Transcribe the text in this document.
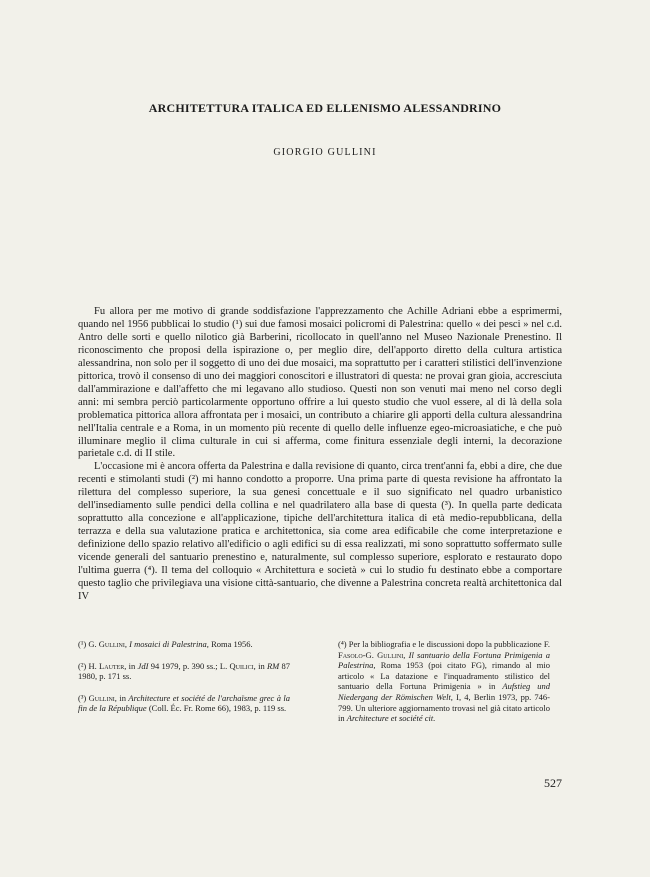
ARCHITETTURA ITALICA ED ELLENISMO ALESSANDRINO
GIORGIO GULLINI

Fu allora per me motivo di grande soddisfazione l'apprezzamento che Achille Adriani ebbe a esprimermi, quando nel 1956 pubblicai lo studio (¹) sui due famosi mosaici policromi di Palestrina: quello « dei pesci » nel c.d. Antro delle sorti e quello nilotico già Barberini, ricollocato in quell'anno nel Museo Nazionale Prenestino. Il riconoscimento che proposi della ispirazione o, per meglio dire, dell'apporto diretto della cultura artistica alessandrina, non solo per il soggetto di uno dei due mosaici, ma soprattutto per i caratteri stilistici dell'invenzione pittorica, trovò il consenso di uno dei maggiori conoscitori e illustratori di questa: ne provai gran gioia, accresciuta dall'ammirazione e dall'affetto che mi legavano allo studioso. Questi non son venuti mai meno nel corso degli anni: mi sembra perciò particolarmente opportuno offrire a lui questo studio che vuol essere, al di là della sola problematica pittorica allora affrontata per i mosaici, un contributo a chiarire gli apporti della cultura alessandrina nell'Italia centrale e a Roma, in un momento più recente di quello delle influenze egeo-microasiatiche, e che può illuminare meglio il clima culturale in cui si afferma, come finitura essenziale degli interni, la decorazione parietale c.d. di II stile.

L'occasione mi è ancora offerta da Palestrina e dalla revisione di quanto, circa trent'anni fa, ebbi a dire, che due recenti e stimolanti studi (²) mi hanno condotto a proporre. Una prima parte di questa revisione ha affrontato la rilettura del complesso superiore, la sua genesi concettuale e il suo significato nel quadro urbanistico dell'insediamento sulle pendici della collina e nel quadrilatero alla base di questa (³). In quella parte dedicata soprattutto alla concezione e all'applicazione, tipiche dell'architettura italica di età medio-repubblicana, della terrazza e della sua valutazione pratica e architettonica, sia come area edificabile che come interpretazione e definizione dello spazio relativo all'edificio o agli edifici su di essa realizzati, mi sono soprattutto soffermato sulle vicende generali del santuario prenestino e, naturalmente, sul complesso superiore, esplorato e restaurato dopo l'ultima guerra (⁴). Il tema del colloquio « Architettura e società » cui lo studio fu destinato ebbe a comportare questo taglio che privilegiava una visione città-santuario, che divenne a Palestrina concreta realtà architettonica dal IV

(¹) G. Gullini, I mosaici di Palestrina, Roma 1956.

(²) H. Lauter, in JdI 94 1979, p. 390 ss.; L. Quilici, in RM 87 1980, p. 171 ss.

(³) Gullini, in Architecture et société de l'archaïsme grec à la fin de la République (Coll. Éc. Fr. Rome 66), 1983, p. 119 ss.

(⁴) Per la bibliografia e le discussioni dopo la pubblicazione F. Fasolo-G. Gullini, Il santuario della Fortuna Primigenia a Palestrina, Roma 1953 (poi citato FG), rimando al mio articolo « La datazione e l'inquadramento stilistico del santuario della Fortuna Primigenia » in Aufstieg und Niedergang der Römischen Welt, I, 4, Berlin 1973, pp. 746-799. Un ulteriore aggiornamento trovasi nel già citato articolo in Architecture et société cit.

527
